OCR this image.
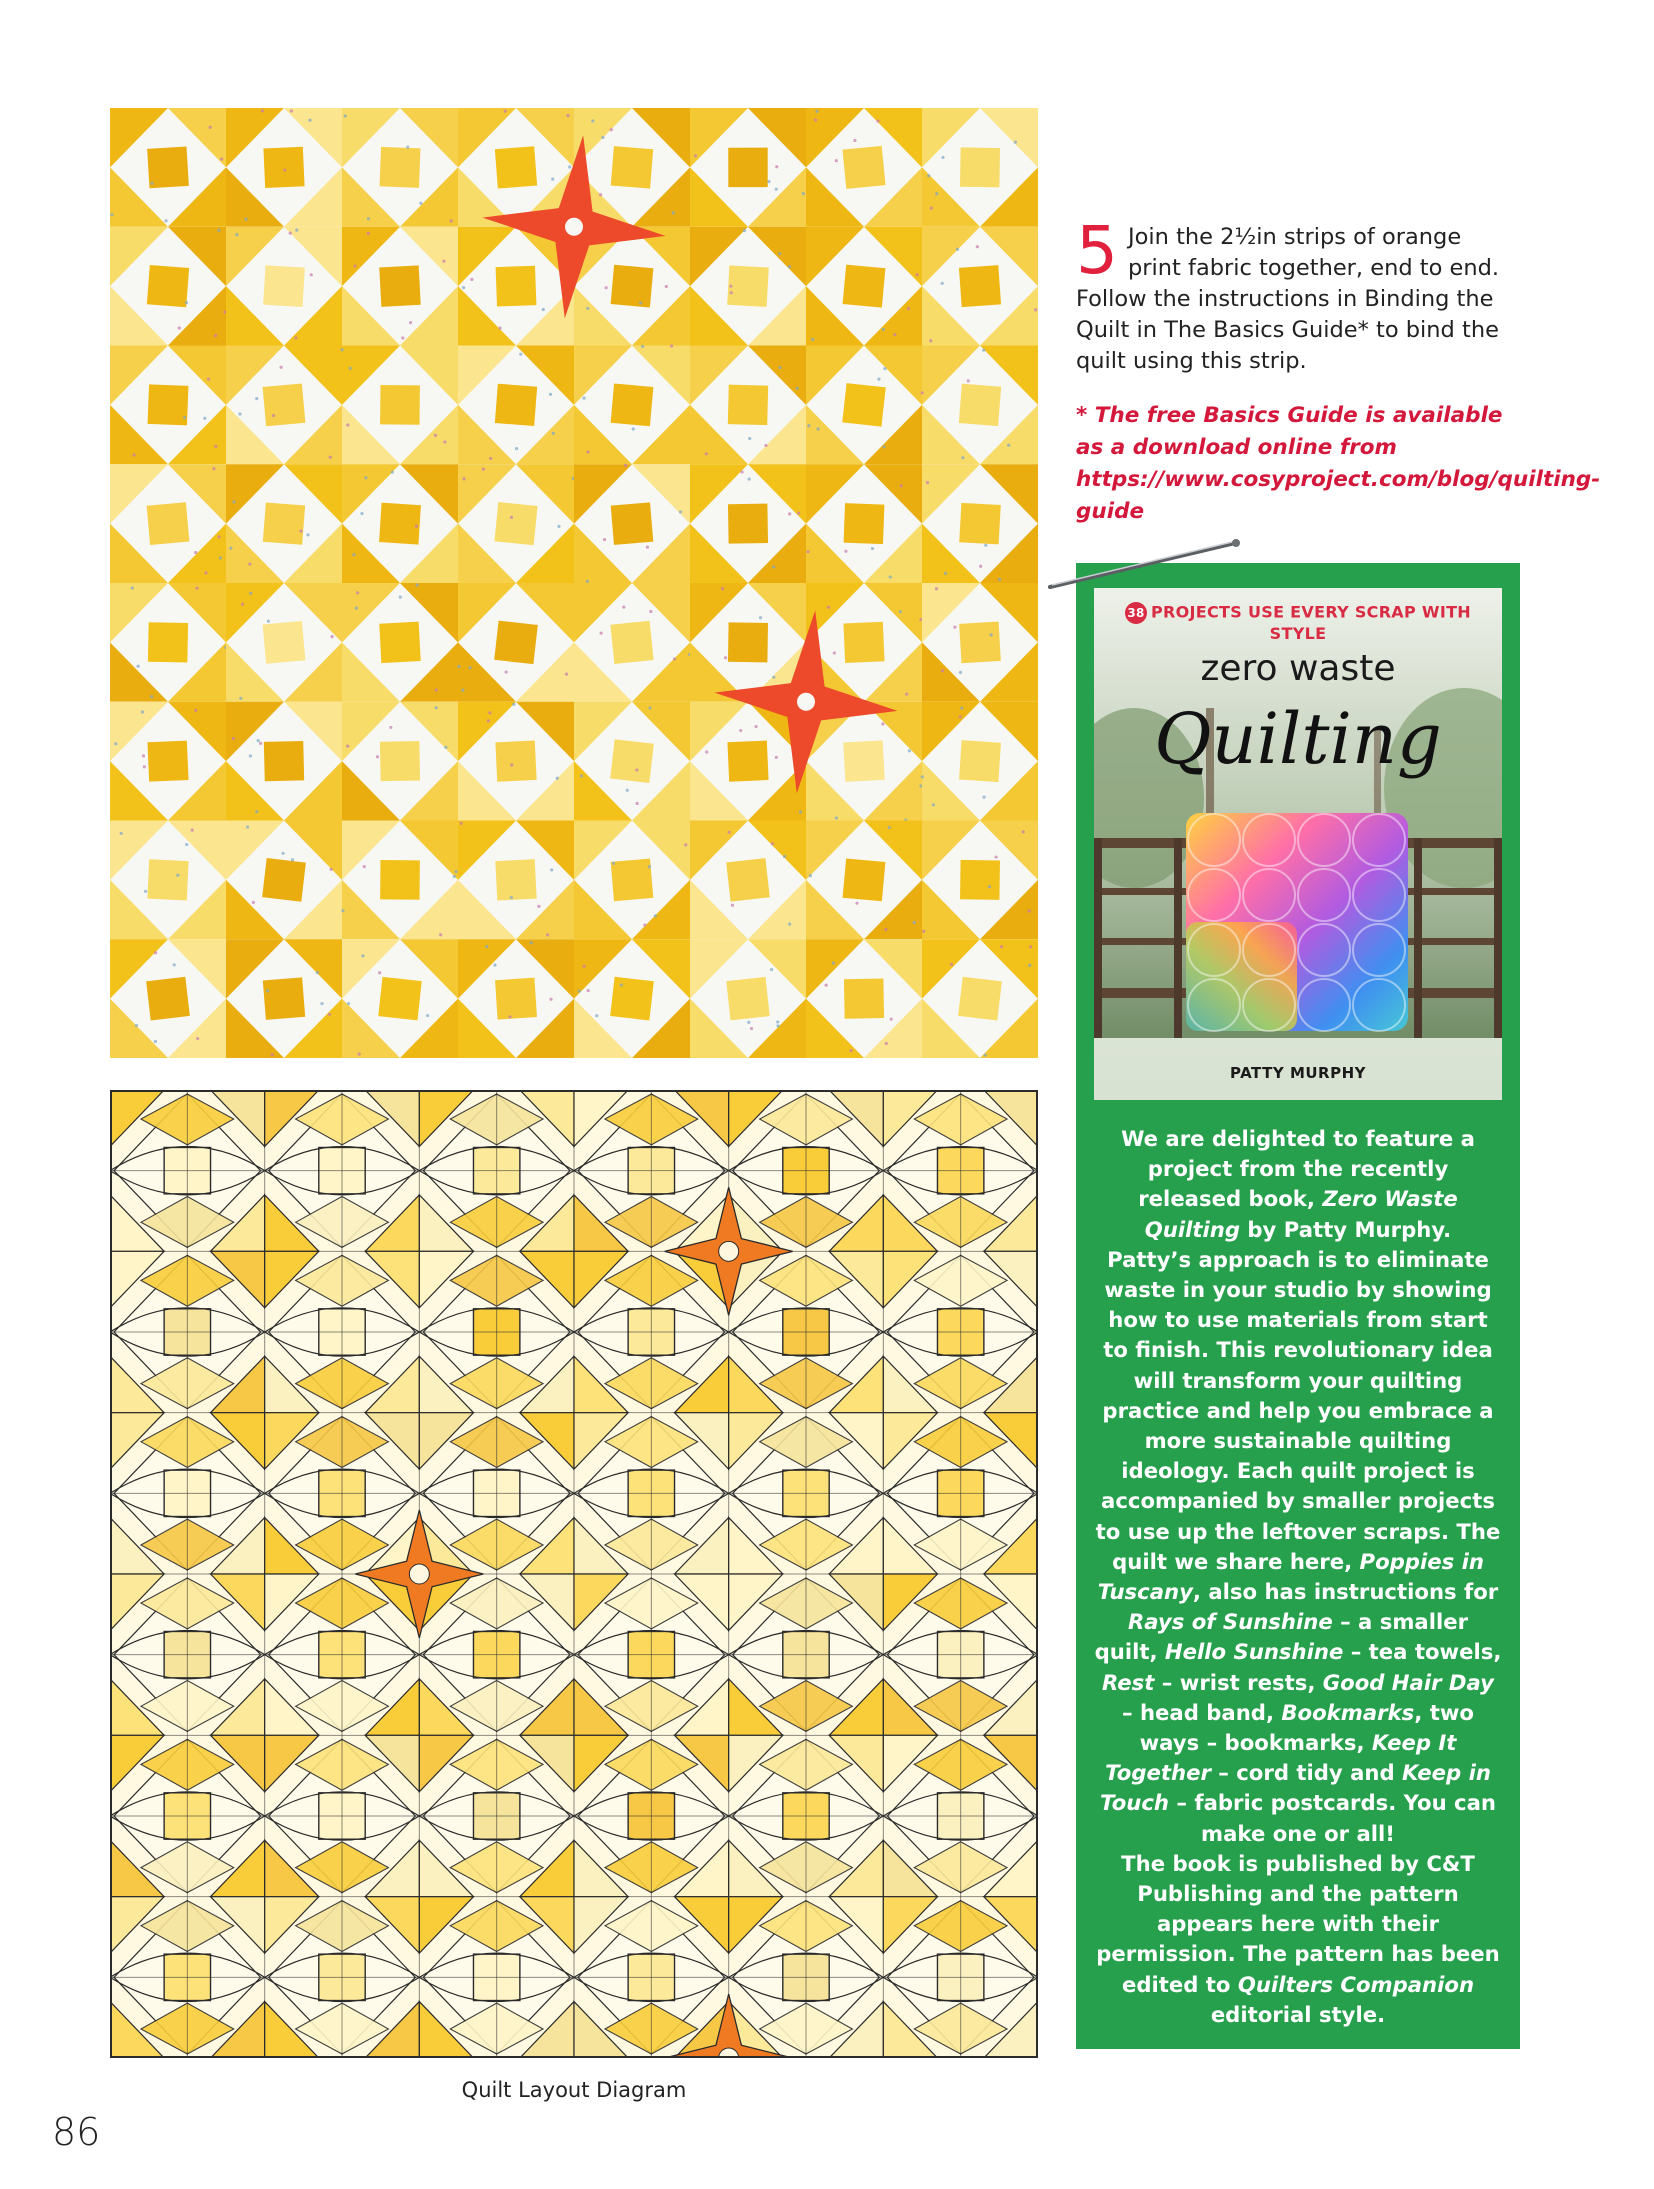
5 Join the 2½in strips of orange print fabric together, end to end. Follow the instructions in Binding the Quilt in The Basics Guide* to bind the quilt using this strip.
* The free Basics Guide is available as a download online from https://www.cosyproject.com/blog/quilting-guide
38 PROJECTS USE EVERY SCRAP WITH STYLE
zero waste
Quilting
PATTY MURPHY

We are delighted to feature a project from the recently released book, Zero Waste Quilting by Patty Murphy.

Patty’s approach is to eliminate waste in your studio by showing how to use materials from start to finish. This revolutionary idea will transform your quilting practice and help you embrace a more sustainable quilting ideology. Each quilt project is accompanied by smaller projects to use up the leftover scraps. The quilt we share here, Poppies in Tuscany, also has instructions for Rays of Sunshine – a smaller quilt, Hello Sunshine – tea towels, Rest – wrist rests, Good Hair Day – head band, Bookmarks, two ways – bookmarks, Keep It Together – cord tidy and Keep in Touch – fabric postcards. You can make one or all!

The book is published by C&T Publishing and the pattern appears here with their permission. The pattern has been edited to Quilters Companion editorial style.

Quilt Layout Diagram
86
